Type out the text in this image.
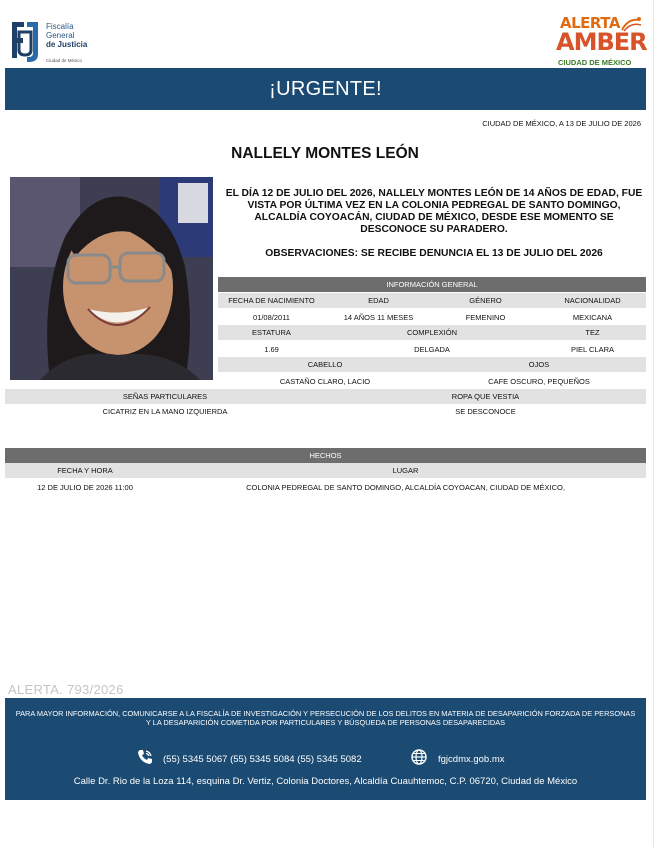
Fiscalía
General
de Justicia
Ciudad de México
ALERTA
AMBER
CIUDAD DE MÉXICO
¡URGENTE!
CIUDAD DE MÉXICO, A 13 DE JULIO DE 2026
NALLELY MONTES LEÓN
EL DÍA 12 DE JULIO DEL 2026, NALLELY MONTES LEÓN DE 14 AÑOS DE EDAD, FUE VISTA POR ÚLTIMA VEZ EN LA COLONIA PEDREGAL DE SANTO DOMINGO, ALCALDÍA COYOACÁN, CIUDAD DE MÉXICO, DESDE ESE MOMENTO SE DESCONOCE SU PARADERO.
OBSERVACIONES: SE RECIBE DENUNCIA EL 13 DE JULIO DEL 2026
INFORMACIÓN GENERAL
FECHA DE NACIMIENTO	EDAD	GÉNERO	NACIONALIDAD
01/08/2011	14 AÑOS 11 MESES	FEMENINO	MEXICANA
ESTATURA	COMPLEXIÓN	TEZ
1.69	DELGADA	PIEL CLARA
CABELLO	OJOS
CASTAÑO CLARO, LACIO	CAFE OSCURO, PEQUEÑOS
SEÑAS PARTICULARES	ROPA QUE VESTIA
CICATRIZ EN LA MANO IZQUIERDA	SE DESCONOCE
HECHOS
FECHA Y HORA	LUGAR
12 DE JULIO DE 2026 11:00	COLONIA PEDREGAL DE SANTO DOMINGO, ALCALDÍA COYOACAN, CIUDAD DE MÉXICO,
ALERTA. 793/2026
PARA MAYOR INFORMACIÓN, COMUNICARSE A LA FISCALÍA DE INVESTIGACIÓN Y PERSECUCIÓN DE LOS DELITOS EN MATERIA DE DESAPARICIÓN FORZADA DE PERSONAS Y LA DESAPARICIÓN COMETIDA POR PARTICULARES Y BÚSQUEDA DE PERSONAS DESAPARECIDAS
(55) 5345 5067 (55) 5345 5084 (55) 5345 5082	fgjcdmx.gob.mx
Calle Dr. Rio de la Loza 114, esquina Dr. Vertiz, Colonia Doctores, Alcaldía Cuauhtemoc, C.P. 06720, Ciudad de México
